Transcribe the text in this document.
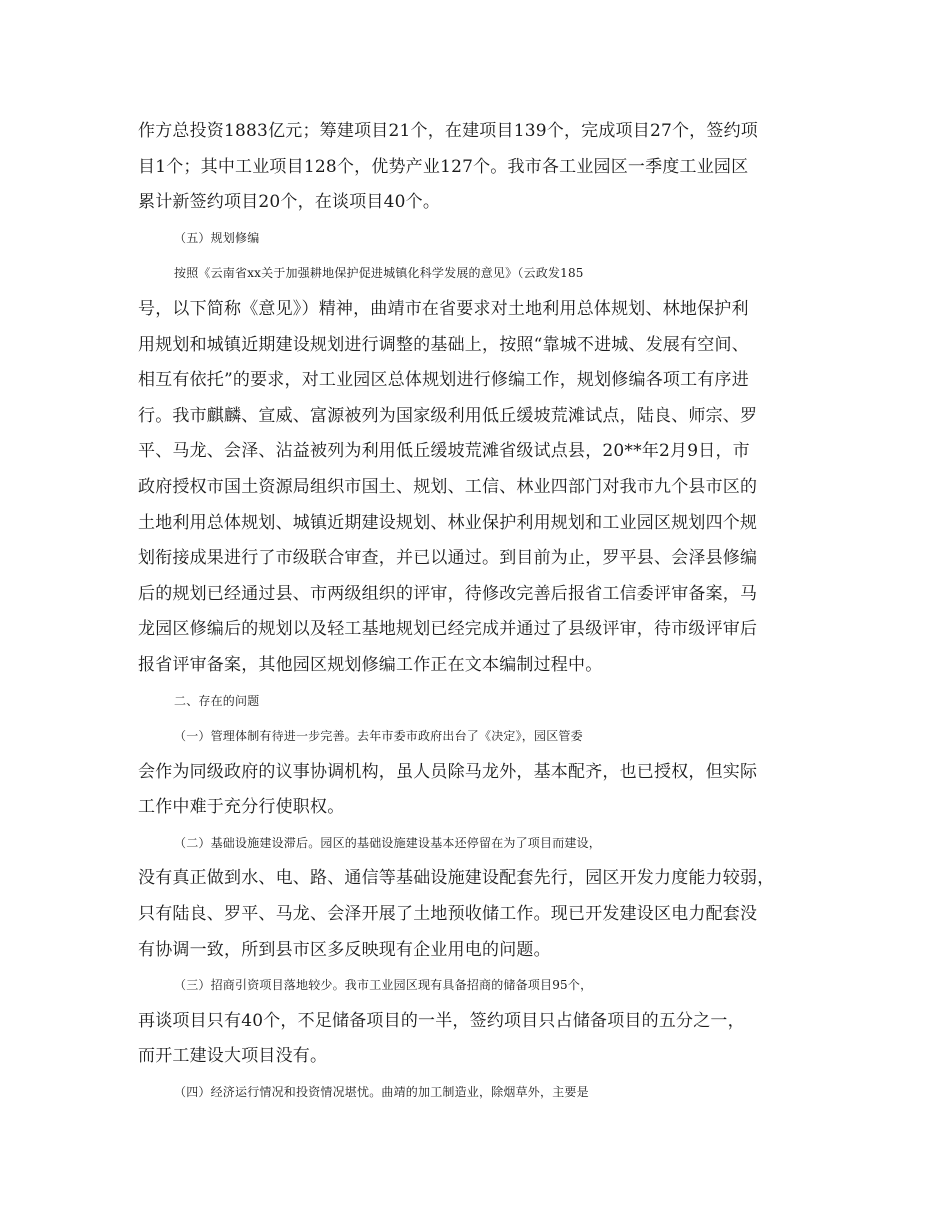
作方总投资1883亿元；筹建项目21个，在建项目139个，完成项目27个，签约项
目1个；其中工业项目128个，优势产业127个。我市各工业园区一季度工业园区
累计新签约项目20个，在谈项目40个。
（五）规划修编
按照《云南省xx关于加强耕地保护促进城镇化科学发展的意见》（云政发185
号，以下简称《意见》）精神，曲靖市在省要求对土地利用总体规划、林地保护利
用规划和城镇近期建设规划进行调整的基础上，按照“靠城不进城、发展有空间、
相互有依托”的要求，对工业园区总体规划进行修编工作，规划修编各项工有序进
行。我市麒麟、宣威、富源被列为国家级利用低丘缓坡荒滩试点，陆良、师宗、罗
平、马龙、会泽、沾益被列为利用低丘缓坡荒滩省级试点县，20**年2月9日，市
政府授权市国土资源局组织市国土、规划、工信、林业四部门对我市九个县市区的
土地利用总体规划、城镇近期建设规划、林业保护利用规划和工业园区规划四个规
划衔接成果进行了市级联合审查，并已以通过。到目前为止，罗平县、会泽县修编
后的规划已经通过县、市两级组织的评审，待修改完善后报省工信委评审备案，马
龙园区修编后的规划以及轻工基地规划已经完成并通过了县级评审，待市级评审后
报省评审备案，其他园区规划修编工作正在文本编制过程中。
二、存在的问题
（一）管理体制有待进一步完善。去年市委市政府出台了《决定》，园区管委
会作为同级政府的议事协调机构，虽人员除马龙外，基本配齐，也已授权，但实际
工作中难于充分行使职权。
（二）基础设施建设滞后。园区的基础设施建设基本还停留在为了项目而建设，
没有真正做到水、电、路、通信等基础设施建设配套先行，园区开发力度能力较弱，
只有陆良、罗平、马龙、会泽开展了土地预收储工作。现已开发建设区电力配套没
有协调一致，所到县市区多反映现有企业用电的问题。
（三）招商引资项目落地较少。我市工业园区现有具备招商的储备项目95个，
再谈项目只有40个，不足储备项目的一半，签约项目只占储备项目的五分之一，
而开工建设大项目没有。
（四）经济运行情况和投资情况堪忧。曲靖的加工制造业，除烟草外，主要是
